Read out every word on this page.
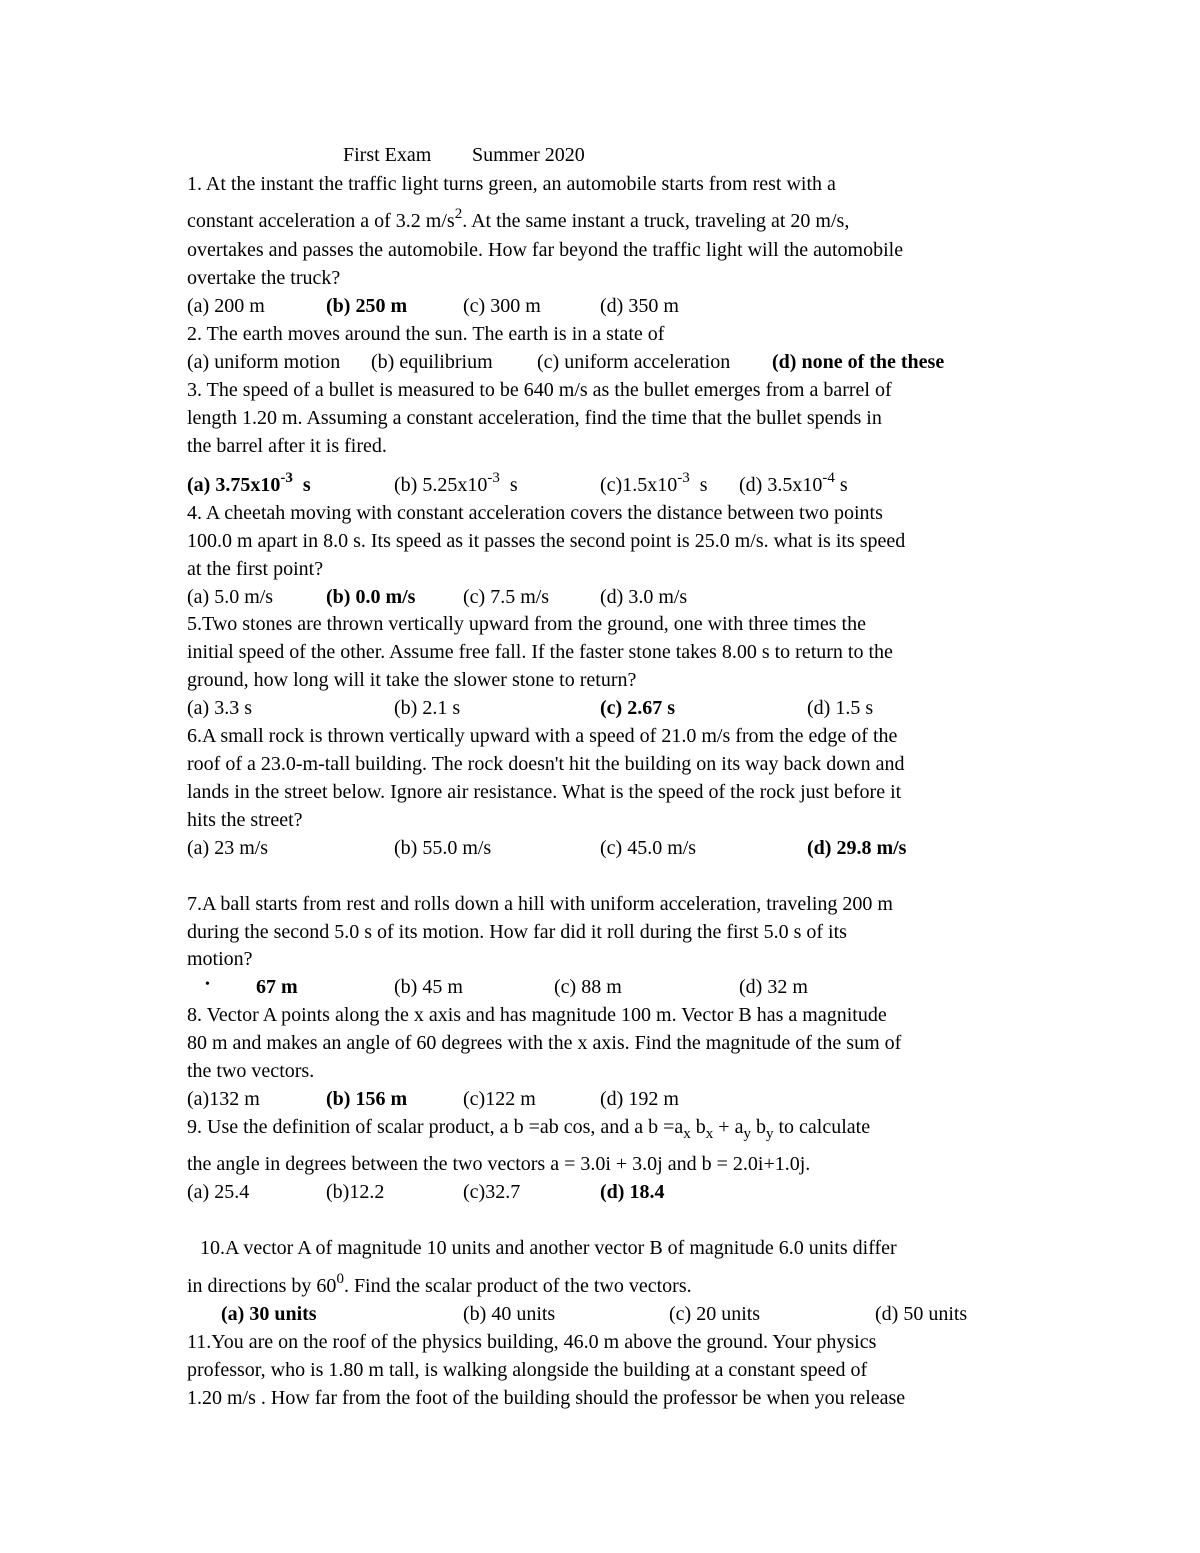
First Exam Summer 2020
1. At the instant the traffic light turns green, an automobile starts from rest with a
constant acceleration a of 3.2 $m/s^2$. At the same instant a truck, traveling at 20 m/s,
overtakes and passes the automobile. How far beyond the traffic light will the automobile
overtake the truck?
(a) 200 m	(b) 250 m	(c) 300 m	(d) 350 m
2. The earth moves around the sun. The earth is in a state of
(a) uniform motion (b) equilibrium (c) uniform acceleration (d) none of the these
3. The speed of a bullet is measured to be 640 m/s as the bullet emerges from a barrel of
length 1.20 m. Assuming a constant acceleration, find the time that the bullet spends in
the barrel after it is fired.
(a) $3.75x10^{-3}$ s	(b) $5.25x10^{-3}$ s	$(c)1.5x10^{-3}$ s (d) $3.5x10^{-4}$ s
4. A cheetah moving with constant acceleration covers the distance between two points
100.0 m apart in 8.0 s. Its speed as it passes the second point is 25.0 m/s. what is its speed
at the first point?
(a) 5.0 m/s	(b) 0.0 m/s (c) 7.5 m/s	(d) 3.0 m/s
5.Two stones are thrown vertically upward from the ground, one with three times the
initial speed of the other. Assume free fall. If the faster stone takes 8.00 s to return to the
ground, how long will it take the slower stone to return?
(a) 3.3 s	(b) 2.1 s	(c) 2.67 s	(d) 1.5 s
6.A small rock is thrown vertically upward with a speed of 21.0 m/s from the edge of the
roof of a 23.0-m-tall building. The rock doesn't hit the building on its way back down and
lands in the street below. Ignore air resistance. What is the speed of the rock just before it
hits the street?
(a) 23 m/s	(b) 55.0 m/s	(c) 45.0 m/s	(d) 29.8 m/s
7.A ball starts from rest and rolls down a hill with uniform acceleration, traveling 200 m
during the second 5.0 s of its motion. How far did it roll during the first 5.0 s of its
motion?
• 67 m	(b) 45 m	(c) 88 m	(d) 32 m
8. Vector A points along the x axis and has magnitude 100 m. Vector B has a magnitude
80 m and makes an angle of 60 degrees with the x axis. Find the magnitude of the sum of
the two vectors.
(a)132 m	(b) 156 m	(c)122 m	(d) 192 m
9. Use the definition of scalar product, a b =ab cos, and a $b =a_x$ $b_x + a_y$ $b_y$ to calculate
the angle in degrees between the two vectors a = 3.0i + 3.0j and b = 2.0i+1.0j.
(a) 25.4	(b)12.2	(c)32.7	(d) 18.4
10.A vector A of magnitude 10 units and another vector B of magnitude 6.0 units differ
in directions by $60^0$. Find the scalar product of the two vectors.
(a) 30 units	(b) 40 units	(c) 20 units	(d) 50 units
11.You are on the roof of the physics building, 46.0 m above the ground. Your physics
professor, who is 1.80 m tall, is walking alongside the building at a constant speed of
1.20 m/s . How far from the foot of the building should the professor be when you release
